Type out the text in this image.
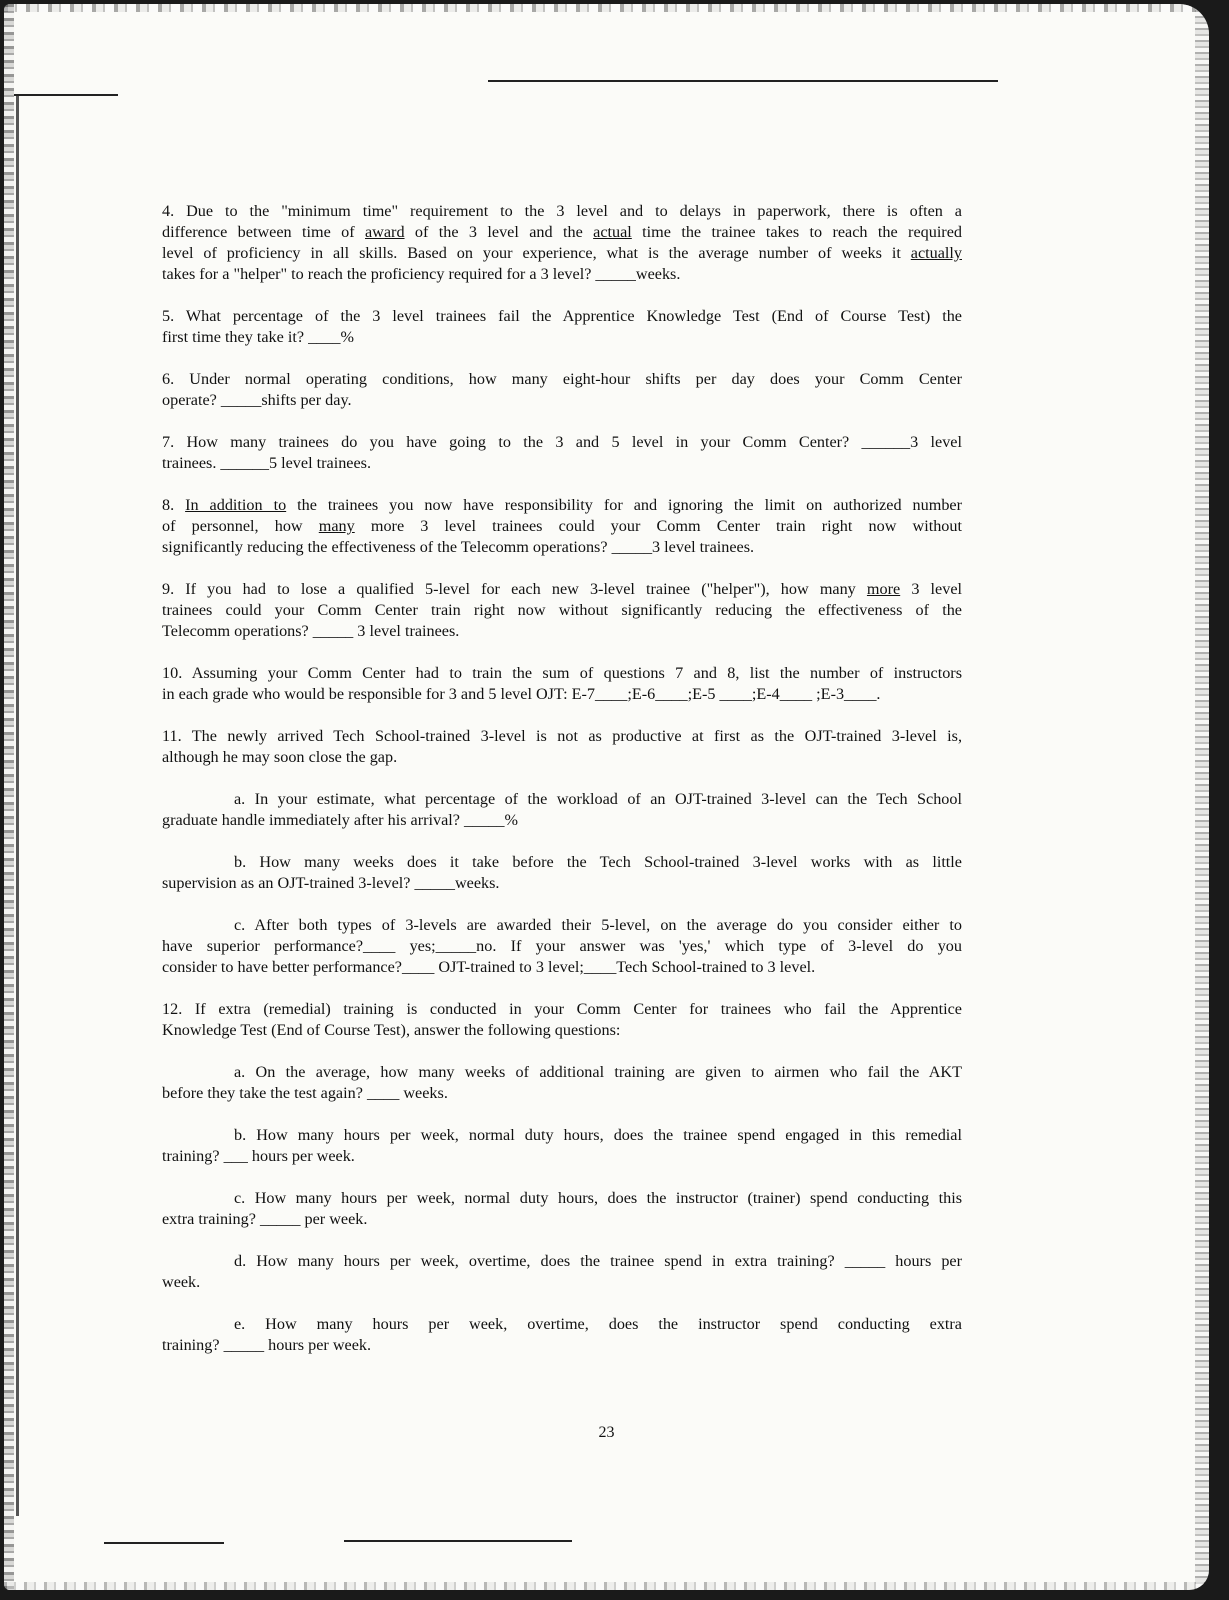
4. Due to the "minimum time" requirement to the 3 level and to delays in paperwork, there is often a
difference between time of award of the 3 level and the actual time the trainee takes to reach the required
level of proficiency in all skills. Based on your experience, what is the average number of weeks it actually
takes for a "helper" to reach the proficiency required for a 3 level? _____weeks.
5. What percentage of the 3 level trainees fail the Apprentice Knowledge Test (End of Course Test) the
first time they take it? ____%
6. Under normal operating conditions, how many eight-hour shifts per day does your Comm Center
operate? _____shifts per day.
7. How many trainees do you have going to the 3 and 5 level in your Comm Center? ______3 level
trainees. ______5 level trainees.
8. In addition to the trainees you now have responsibility for and ignoring the limit on authorized number
of personnel, how many more 3 level trainees could your Comm Center train right now without
significantly reducing the effectiveness of the Telecomm operations? _____3 level trainees.
9. If you had to lose a qualified 5-level for each new 3-level trainee ("helper"), how many more 3 level
trainees could your Comm Center train right now without significantly reducing the effectiveness of the
Telecomm operations? _____ 3 level trainees.
10. Assuming your Comm Center had to train the sum of questions 7 and 8, list the number of instructors
in each grade who would be responsible for 3 and 5 level OJT: E-7____;E-6____;E-5 ____;E-4____ ;E-3____.
11. The newly arrived Tech School-trained 3-level is not as productive at first as the OJT-trained 3-level is,
although he may soon close the gap.
a. In your estimate, what percentage of the workload of an OJT-trained 3-level can the Tech School
graduate handle immediately after his arrival? _____%
b. How many weeks does it take before the Tech School-trained 3-level works with as little
supervision as an OJT-trained 3-level? _____weeks.
c. After both types of 3-levels are awarded their 5-level, on the average do you consider either to
have superior performance?____ yes;_____no. If your answer was 'yes,' which type of 3-level do you
consider to have better performance?____ OJT-trained to 3 level;____Tech School-trained to 3 level.
12. If extra (remedial) training is conducted in your Comm Center for trainees who fail the Apprentice
Knowledge Test (End of Course Test), answer the following questions:
a. On the average, how many weeks of additional training are given to airmen who fail the AKT
before they take the test again? ____ weeks.
b. How many hours per week, normal duty hours, does the trainee spend engaged in this remedial
training? ___ hours per week.
c. How many hours per week, normal duty hours, does the instructor (trainer) spend conducting this
extra training? _____ per week.
d. How many hours per week, overtime, does the trainee spend in extra training? _____ hours per
week.
e. How many hours per week, overtime, does the instructor spend conducting extra
training? _____ hours per week.
23
